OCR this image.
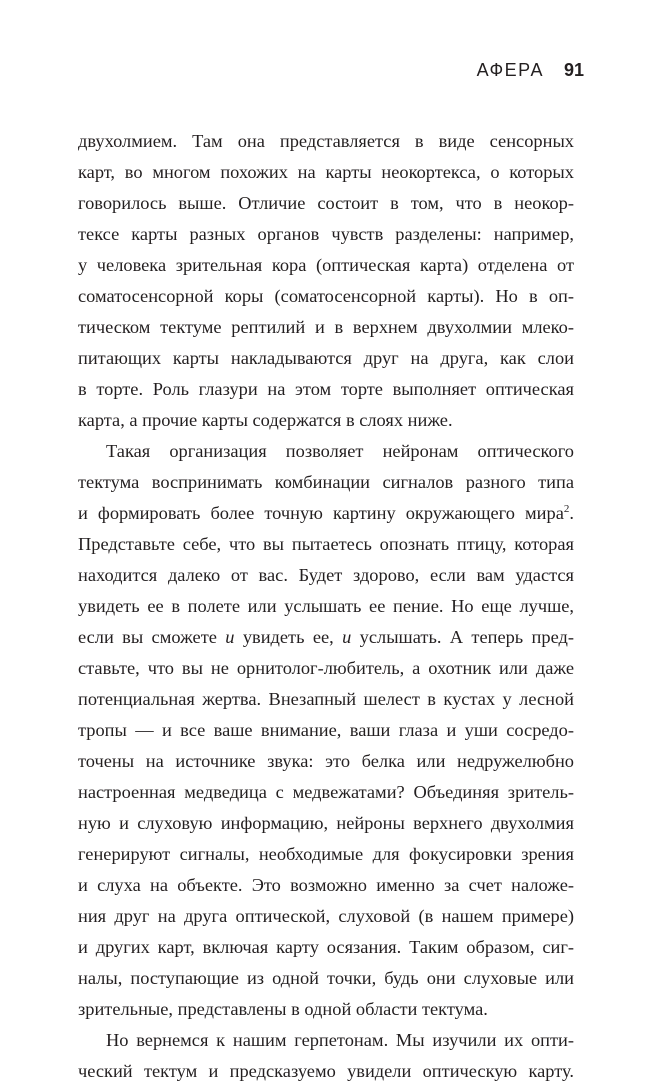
АФЕРА 91
двухолмием. Там она представляется в виде сенсорных
карт, во многом похожих на карты неокортекса, о которых
говорилось выше. Отличие состоит в том, что в неокор-
тексе карты разных органов чувств разделены: например,
у человека зрительная кора (оптическая карта) отделена от
соматосенсорной коры (соматосенсорной карты). Но в оп-
тическом тектуме рептилий и в верхнем двухолмии млеко-
питающих карты накладываются друг на друга, как слои
в торте. Роль глазури на этом торте выполняет оптическая
карта, а прочие карты содержатся в слоях ниже.
Такая организация позволяет нейронам оптического
тектума воспринимать комбинации сигналов разного типа
и формировать более точную картину окружающего мира$^2$.
Представьте себе, что вы пытаетесь опознать птицу, которая
находится далеко от вас. Будет здорово, если вам удастся
увидеть ее в полете или услышать ее пение. Но еще лучше,
если вы сможете и увидеть ее, и услышать. А теперь пред-
ставьте, что вы не орнитолог-любитель, а охотник или даже
потенциальная жертва. Внезапный шелест в кустах у лесной
тропы — и все ваше внимание, ваши глаза и уши сосредо-
точены на источнике звука: это белка или недружелюбно
настроенная медведица с медвежатами? Объединяя зритель-
ную и слуховую информацию, нейроны верхнего двухолмия
генерируют сигналы, необходимые для фокусировки зрения
и слуха на объекте. Это возможно именно за счет наложе-
ния друг на друга оптической, слуховой (в нашем примере)
и других карт, включая карту осязания. Таким образом, сиг-
налы, поступающие из одной точки, будь они слуховые или
зрительные, представлены в одной области тектума.
Но вернемся к нашим герпетонам. Мы изучили их опти-
ческий тектум и предсказуемо увидели оптическую карту.
